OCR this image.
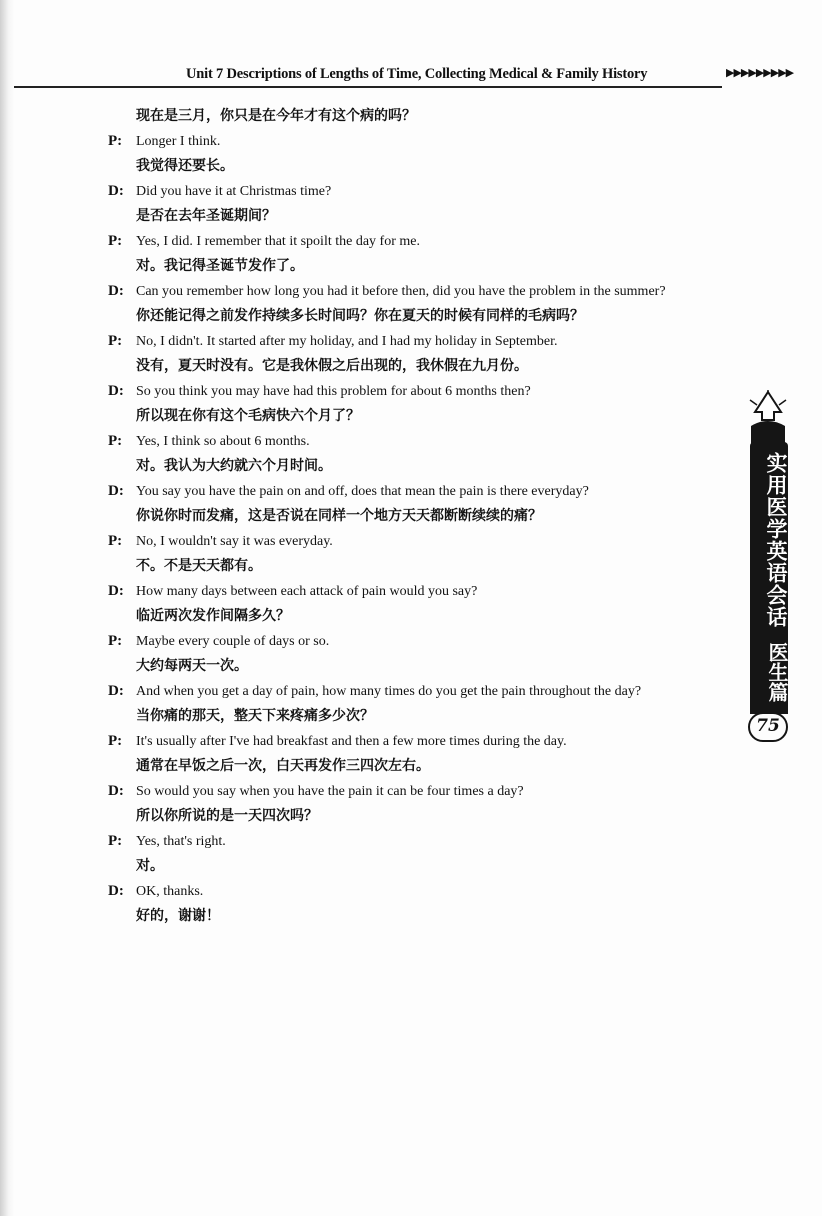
Unit 7 Descriptions of Lengths of Time, Collecting Medical & Family History	▶▶▶▶▶▶▶▶▶
现在是三月，你只是在今年才有这个病的吗？
P: Longer I think.
我觉得还要长。
D: Did you have it at Christmas time?
是否在去年圣诞期间？
P: Yes, I did. I remember that it spoilt the day for me.
对。我记得圣诞节发作了。
D: Can you remember how long you had it before then, did you have the problem in the summer?
你还能记得之前发作持续多长时间吗？你在夏天的时候有同样的毛病吗？
P: No, I didn't. It started after my holiday, and I had my holiday in September.
没有，夏天时没有。它是我休假之后出现的，我休假在九月份。
D: So you think you may have had this problem for about 6 months then?
所以现在你有这个毛病快六个月了？
P: Yes, I think so about 6 months.
对。我认为大约就六个月时间。
D: You say you have the pain on and off, does that mean the pain is there everyday?
你说你时而发痛，这是否说在同样一个地方天天都断断续续的痛？
P: No, I wouldn't say it was everyday.
不。不是天天都有。
D: How many days between each attack of pain would you say?
临近两次发作间隔多久？
P: Maybe every couple of days or so.
大约每两天一次。
D: And when you get a day of pain, how many times do you get the pain throughout the day?
当你痛的那天，整天下来疼痛多少次？
P: It's usually after I've had breakfast and then a few more times during the day.
通常在早饭之后一次，白天再发作三四次左右。
D: So would you say when you have the pain it can be four times a day?
所以你所说的是一天四次吗？
P: Yes, that's right.
对。
D: OK, thanks.
好的，谢谢！
实用医学英语会话
医生篇
75
